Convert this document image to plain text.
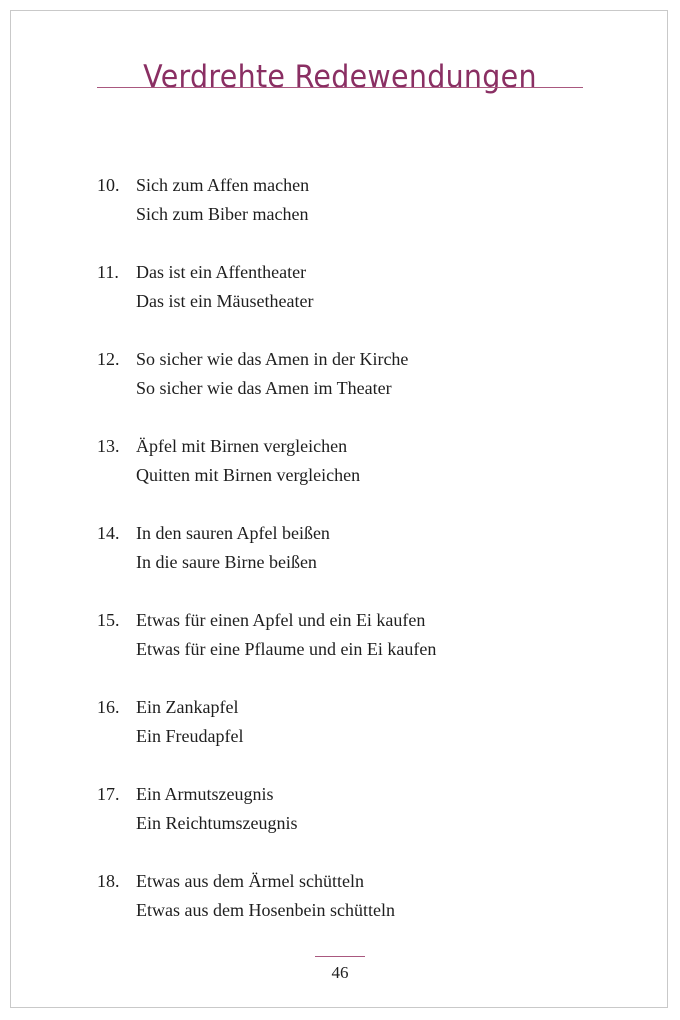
Verdrehte Redewendungen
10. Sich zum Affen machen
Sich zum Biber machen
11. Das ist ein Affentheater
Das ist ein Mäusetheater
12. So sicher wie das Amen in der Kirche
So sicher wie das Amen im Theater
13. Äpfel mit Birnen vergleichen
Quitten mit Birnen vergleichen
14. In den sauren Apfel beißen
In die saure Birne beißen
15. Etwas für einen Apfel und ein Ei kaufen
Etwas für eine Pflaume und ein Ei kaufen
16. Ein Zankapfel
Ein Freudapfel
17. Ein Armutszeugnis
Ein Reichtumszeugnis
18. Etwas aus dem Ärmel schütteln
Etwas aus dem Hosenbein schütteln
46
